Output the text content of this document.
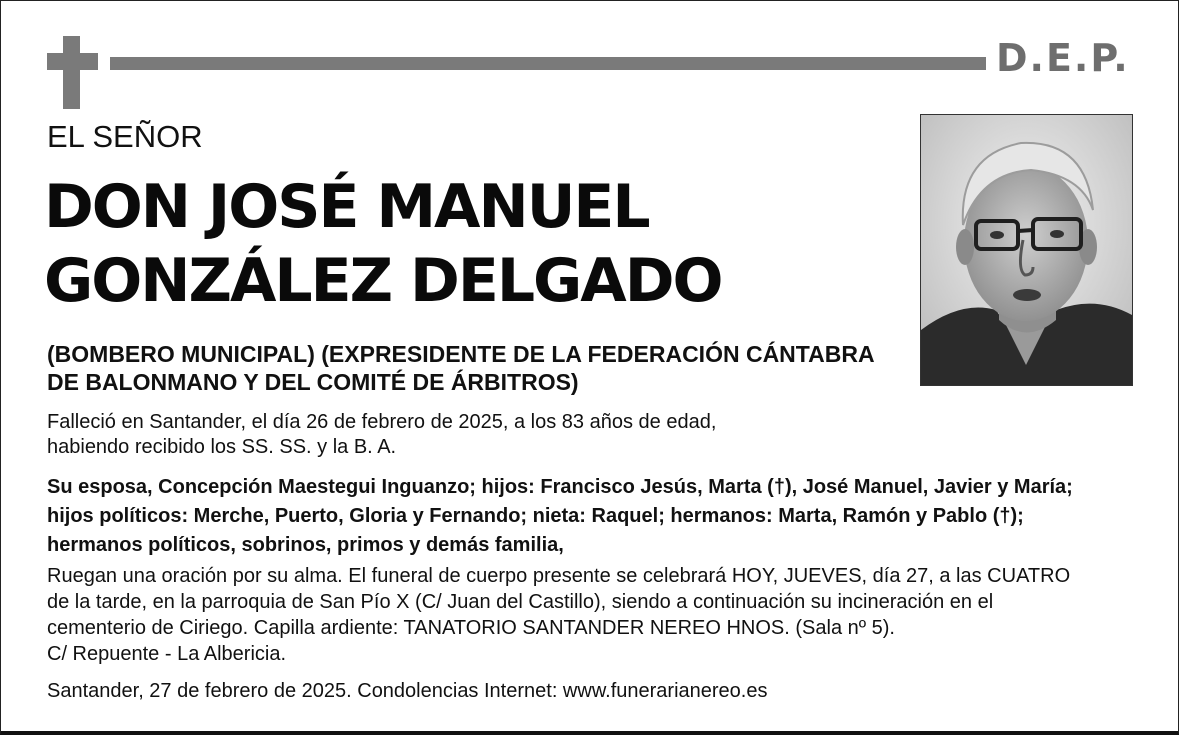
D.E.P.
EL SEÑOR
DON JOSÉ MANUEL
GONZÁLEZ DELGADO
(BOMBERO MUNICIPAL) (EXPRESIDENTE DE LA FEDERACIÓN CÁNTABRA
DE BALONMANO Y DEL COMITÉ DE ÁRBITROS)
Falleció en Santander, el día 26 de febrero de 2025, a los 83 años de edad,
habiendo recibido los SS. SS. y la B. A.
Su esposa, Concepción Maestegui Inguanzo; hijos: Francisco Jesús, Marta (†), José Manuel, Javier y María;
hijos políticos: Merche, Puerto, Gloria y Fernando; nieta: Raquel; hermanos: Marta, Ramón y Pablo (†);
hermanos políticos, sobrinos, primos y demás familia,
Ruegan una oración por su alma. El funeral de cuerpo presente se celebrará HOY, JUEVES, día 27, a las CUATRO
de la tarde, en la parroquia de San Pío X (C/ Juan del Castillo), siendo a continuación su incineración en el
cementerio de Ciriego. Capilla ardiente: TANATORIO SANTANDER NEREO HNOS. (Sala nº 5).
C/ Repuente - La Albericia.
Santander, 27 de febrero de 2025. Condolencias Internet: www.funerarianereo.es
